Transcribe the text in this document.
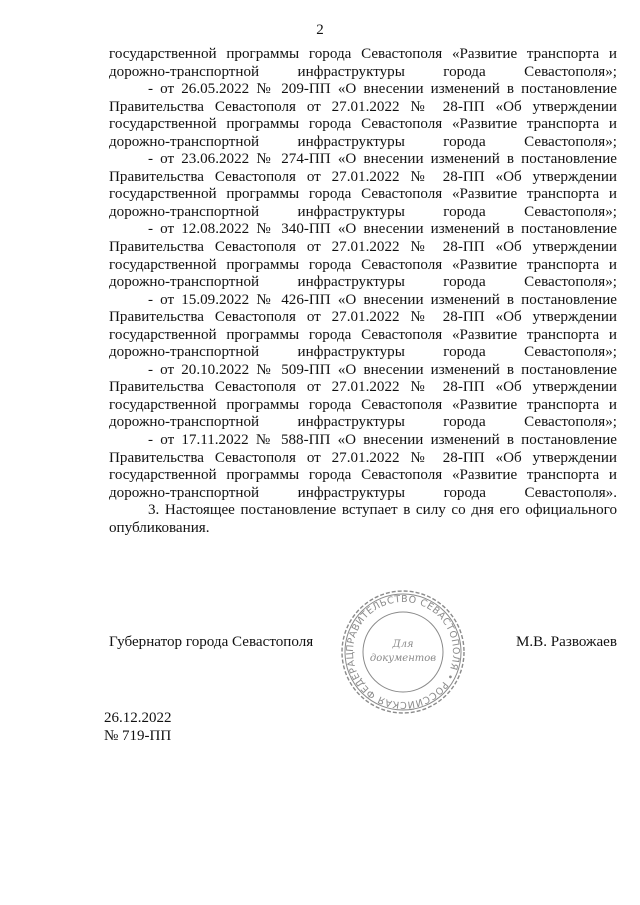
2

государственной программы города Севастополя «Развитие транспорта и дорожно-транспортной инфраструктуры города Севастополя»;

- от 26.05.2022 № 209-ПП «О внесении изменений в постановление Правительства Севастополя от 27.01.2022 № 28-ПП «Об утверждении государственной программы города Севастополя «Развитие транспорта и дорожно-транспортной инфраструктуры города Севастополя»;

- от 23.06.2022 № 274-ПП «О внесении изменений в постановление Правительства Севастополя от 27.01.2022 № 28-ПП «Об утверждении государственной программы города Севастополя «Развитие транспорта и дорожно-транспортной инфраструктуры города Севастополя»;

- от 12.08.2022 № 340-ПП «О внесении изменений в постановление Правительства Севастополя от 27.01.2022 № 28-ПП «Об утверждении государственной программы города Севастополя «Развитие транспорта и дорожно-транспортной инфраструктуры города Севастополя»;

- от 15.09.2022 № 426-ПП «О внесении изменений в постановление Правительства Севастополя от 27.01.2022 № 28-ПП «Об утверждении государственной программы города Севастополя «Развитие транспорта и дорожно-транспортной инфраструктуры города Севастополя»;

- от 20.10.2022 № 509-ПП «О внесении изменений в постановление Правительства Севастополя от 27.01.2022 № 28-ПП «Об утверждении государственной программы города Севастополя «Развитие транспорта и дорожно-транспортной инфраструктуры города Севастополя»;

- от 17.11.2022 № 588-ПП «О внесении изменений в постановление Правительства Севастополя от 27.01.2022 № 28-ПП «Об утверждении государственной программы города Севастополя «Развитие транспорта и дорожно-транспортной инфраструктуры города Севастополя».

3. Настоящее постановление вступает в силу со дня его официального опубликования.

Губернатор города Севастополя	М.В. Развожаев
ПРАВИТЕЛЬСТВО СЕВАСТОПОЛЯ • РОССИЙСКАЯ ФЕДЕРАЦ
Для
документов
26.12.2022
№ 719-ПП
